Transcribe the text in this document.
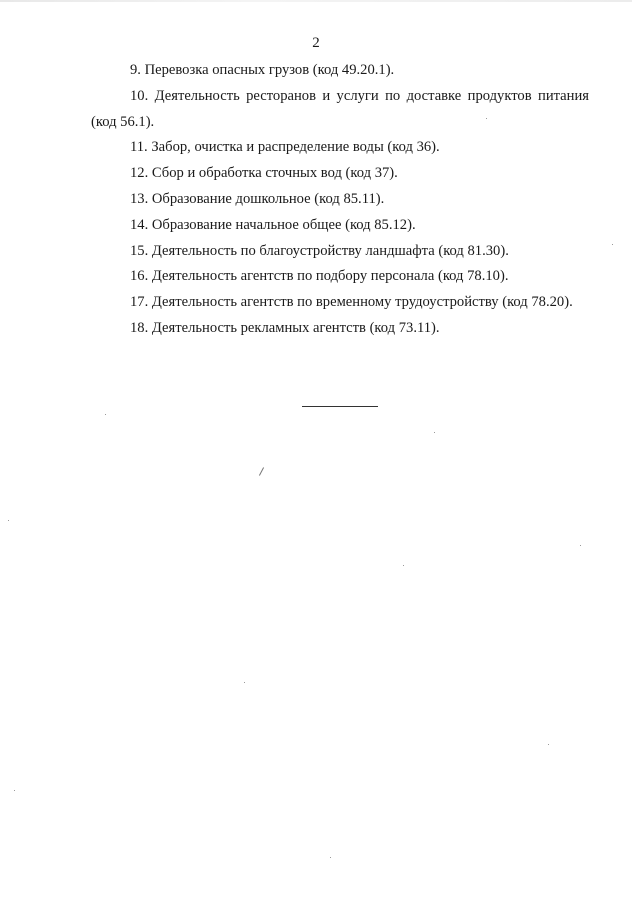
2
9. Перевозка опасных грузов (код 49.20.1).
10. Деятельность ресторанов и услуги по доставке продуктов питания (код 56.1).
11. Забор, очистка и распределение воды (код 36).
12. Сбор и обработка сточных вод (код 37).
13. Образование дошкольное (код 85.11).
14. Образование начальное общее (код 85.12).
15. Деятельность по благоустройству ландшафта (код 81.30).
16. Деятельность агентств по подбору персонала (код 78.10).
17. Деятельность агентств по временному трудоустройству (код 78.20).
18. Деятельность рекламных агентств (код 73.11).
